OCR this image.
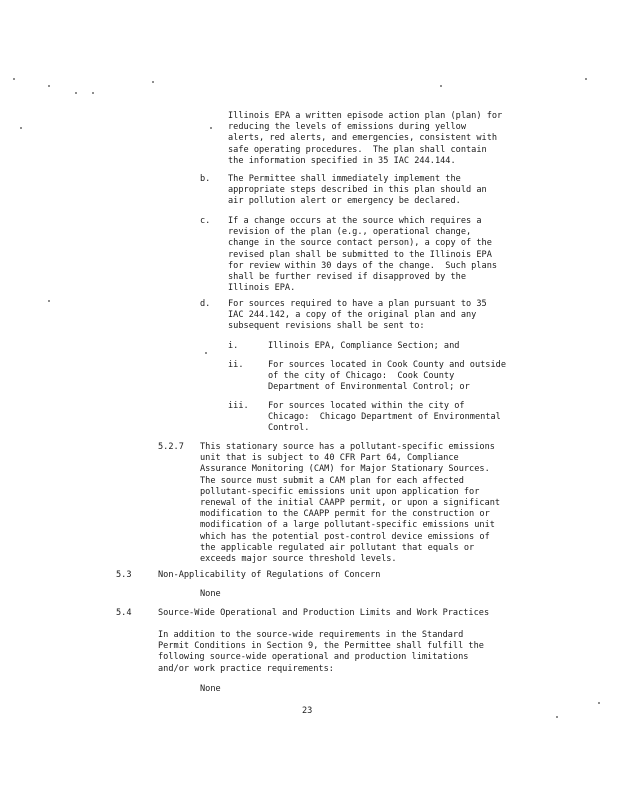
Illinois EPA a written episode action plan (plan) for
reducing the levels of emissions during yellow
alerts, red alerts, and emergencies, consistent with
safe operating procedures.  The plan shall contain
the information specified in 35 IAC 244.144.
b. The Permittee shall immediately implement the
appropriate steps described in this plan should an
air pollution alert or emergency be declared.
c. If a change occurs at the source which requires a
revision of the plan (e.g., operational change,
change in the source contact person), a copy of the
revised plan shall be submitted to the Illinois EPA
for review within 30 days of the change.  Such plans
shall be further revised if disapproved by the
Illinois EPA.
d. For sources required to have a plan pursuant to 35
IAC 244.142, a copy of the original plan and any
subsequent revisions shall be sent to:
i.	Illinois EPA, Compliance Section; and
ii.	For sources located in Cook County and outside
of the city of Chicago:  Cook County
Department of Environmental Control; or
iii. For sources located within the city of
Chicago:  Chicago Department of Environmental
Control.
5.2.7 This stationary source has a pollutant-specific emissions
unit that is subject to 40 CFR Part 64, Compliance
Assurance Monitoring (CAM) for Major Stationary Sources.
The source must submit a CAM plan for each affected
pollutant-specific emissions unit upon application for
renewal of the initial CAAPP permit, or upon a significant
modification to the CAAPP permit for the construction or
modification of a large pollutant-specific emissions unit
which has the potential post-control device emissions of
the applicable regulated air pollutant that equals or
exceeds major source threshold levels.
5.3	Non-Applicability of Regulations of Concern
None
5.4	Source-Wide Operational and Production Limits and Work Practices
In addition to the source-wide requirements in the Standard
Permit Conditions in Section 9, the Permittee shall fulfill the
following source-wide operational and production limitations
and/or work practice requirements:
None
23
